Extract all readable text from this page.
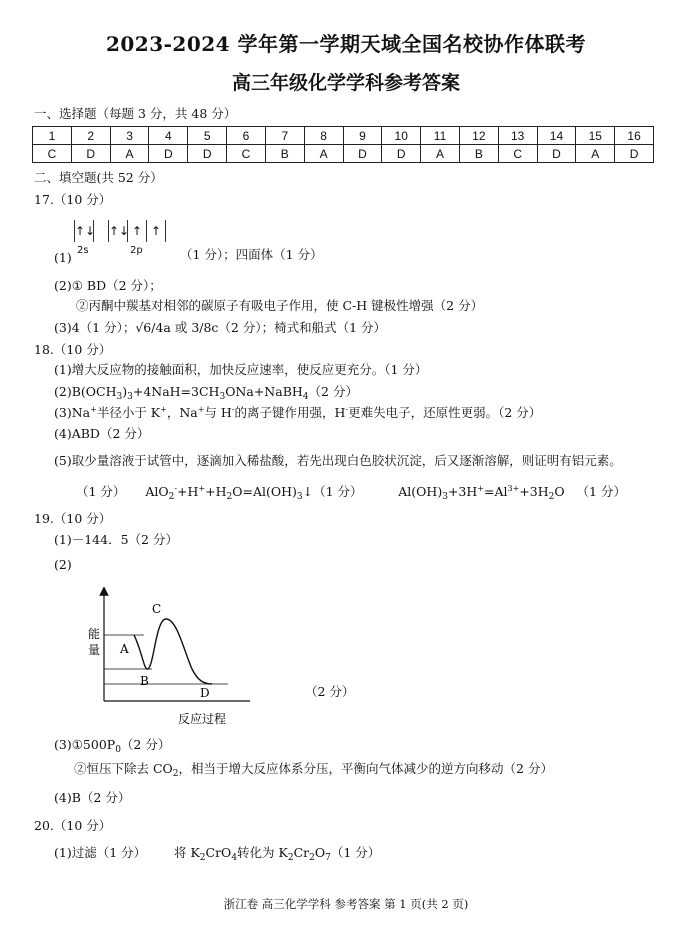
2023-2024 学年第一学期天域全国名校协作体联考
高三年级化学学科参考答案
一、选择题（每题 3 分，共 48 分）
1	2	3	4	5	6	7	8	9	10	11	12	13	14	15	16
C	D	A	D	D	C	B	A	D	D	A	B	C	D	A	D
二、填空题(共 52 分）
17.（10 分）
↑↓ ↑↓ ↑ ↑
2s	2p
(1)	（1 分）；四面体（1 分）
(2)① BD（2 分）；
②丙酮中羰基对相邻的碳原子有吸电子作用，使 C-H 键极性增强（2 分）
(3)4（1 分）；√6/4a 或 3/8c（2 分）；椅式和船式（1 分）
18.（10 分）
(1)增大反应物的接触面积，加快反应速率，使反应更充分。（1 分）
$(2)B(OCH_3)_3+4NaH=3CH_3ONa+NaBH_4(2$ 分）
(3)Na+半径小于 K+，Na+与 H-的离子键作用强，H-更难失电子，还原性更弱。（2 分）
(4)ABD（2 分）
(5)取少量溶液于试管中，逐滴加入稀盐酸，若先出现白色胶状沉淀，后又逐渐溶解，则证明有铝元素。
（1 分） $AlO_2^-+H^++H_2O=Al(OH)_3↓(1$ 分）	$Al(OH)_3+3H^+=Al^{3+}+3H_2O$ （1 分）
19.（10 分）
(1)－144．5（2 分）
(2)
能
量 A
B
C
D
反应过程
（2 分）
$(3)①500P_0(2$ 分）
②恒压下除去 $CO_2$，相当于增大反应体系分压，平衡向气体减少的逆方向移动（2 分）
(4)B（2 分）
20.（10 分）
(1)过滤（1 分） 将 $K_2CrO_4$转化为 $K_2Cr_2O_7(1$ 分）
浙江卷 高三化学学科 参考答案 第 1 页(共 2 页)
